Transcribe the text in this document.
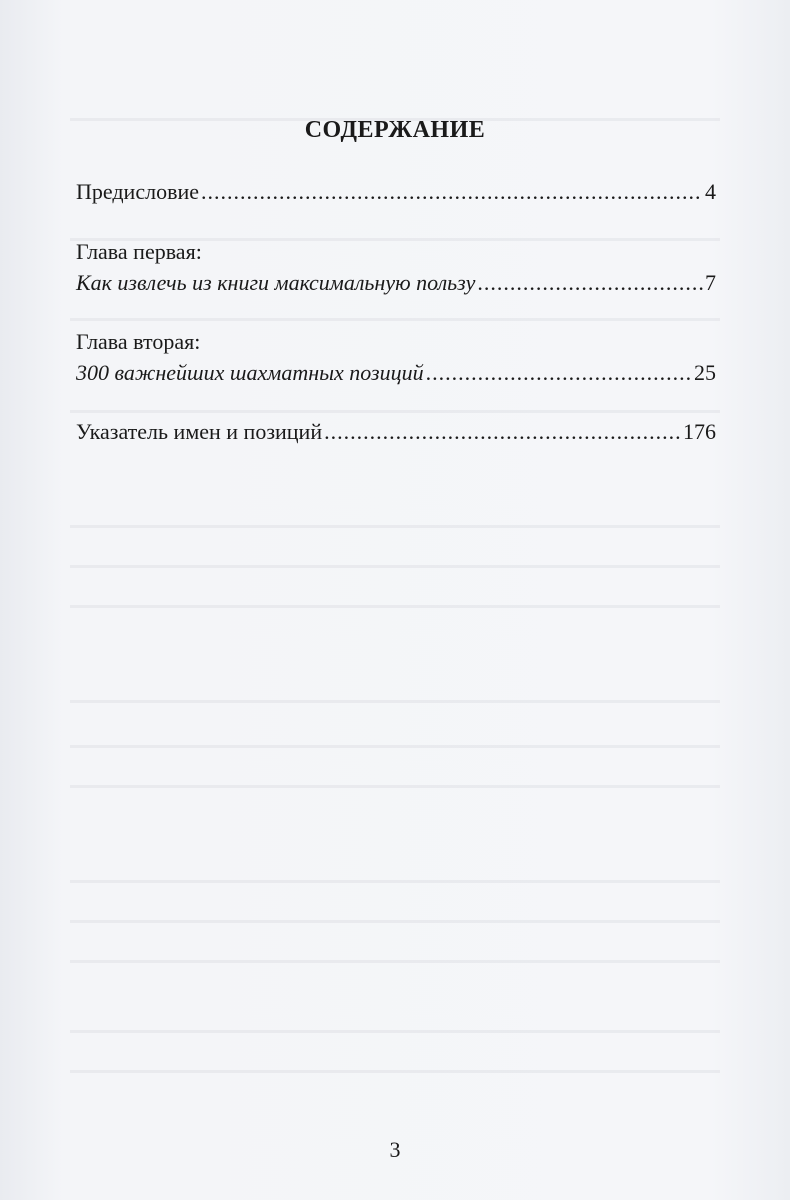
СОДЕРЖАНИЕ
Предисловие .....	4
Глава первая:
Как извлечь из книги максимальную пользу .....	7
Глава вторая:
300 важнейших шахматных позиций .....	25
Указатель имен и позиций .....	176
3
